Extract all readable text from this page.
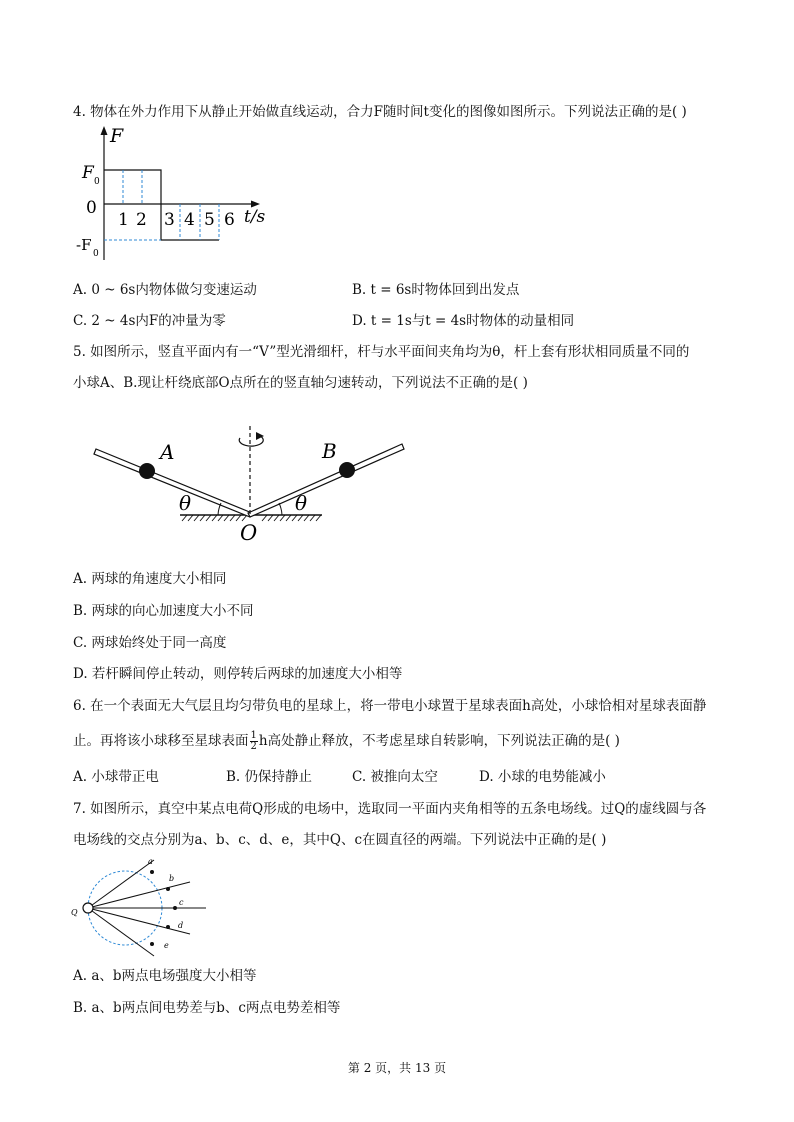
4. 物体在外力作用下从静止开始做直线运动，合力F随时间t变化的图像如图所示。下列说法正确的是( )
F
F 0
0
-F 0
1 2 3 4 5 6 t/s
A. 0 ~ 6s内物体做匀变速运动	B. t = 6s时物体回到出发点
C. 2 ~ 4s内F的冲量为零	D. t = 1s与t = 4s时物体的动量相同
5. 如图所示，竖直平面内有一“V”型光滑细杆，杆与水平面间夹角均为θ，杆上套有形状相同质量不同的
小球A、B.现让杆绕底部O点所在的竖直轴匀速转动，下列说法不正确的是( )
A	B
θ	θ
O
A. 两球的角速度大小相同
B. 两球的向心加速度大小不同
C. 两球始终处于同一高度
D. 若杆瞬间停止转动，则停转后两球的加速度大小相等
6. 在一个表面无大气层且均匀带负电的星球上，将一带电小球置于星球表面h高处，小球恰相对星球表面静
止。再将该小球移至星球表面 $\frac{1}{2}$ h高处静止释放，不考虑星球自转影响，下列说法正确的是( )
A. 小球带正电	B. 仍保持静止	C. 被推向太空	D. 小球的电势能减小
7. 如图所示，真空中某点电荷Q形成的电场中，选取同一平面内夹角相等的五条电场线。过Q的虚线圆与各
电场线的交点分别为a、b、c、d、e，其中Q、c在圆直径的两端。下列说法中正确的是( )
Q
a
b
c
d
e
A. a、b两点电场强度大小相等
B. a、b两点间电势差与b、c两点电势差相等
第 2 页，共 13 页
